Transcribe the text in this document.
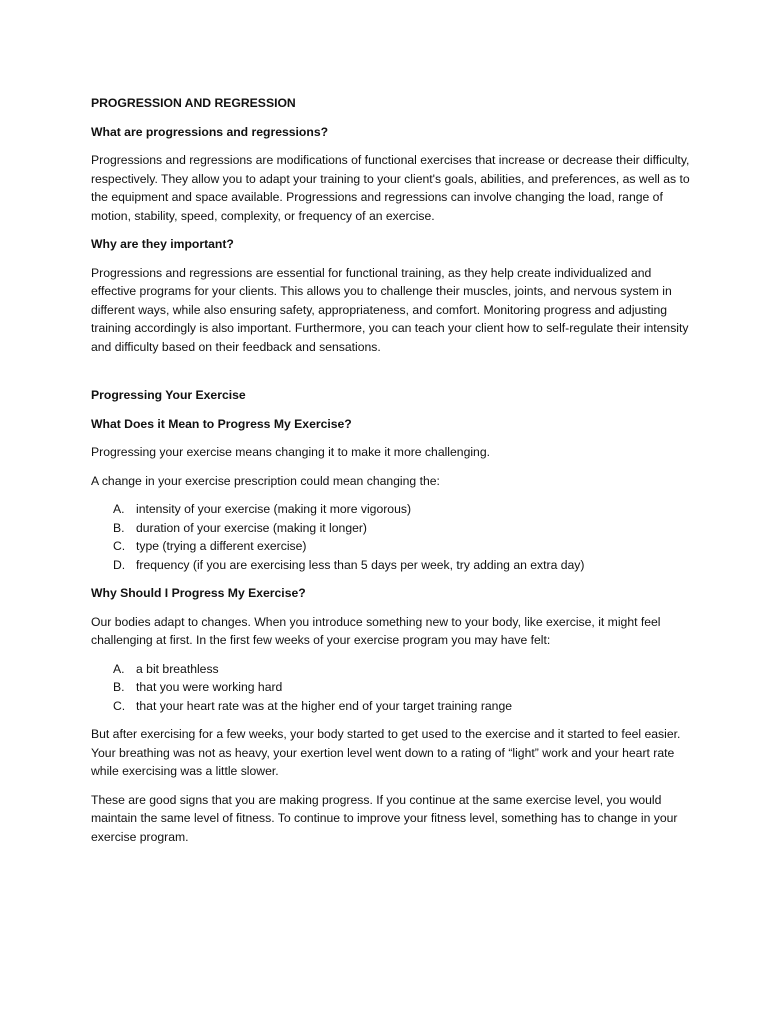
PROGRESSION AND REGRESSION
What are progressions and regressions?
Progressions and regressions are modifications of functional exercises that increase or decrease their difficulty, respectively. They allow you to adapt your training to your client's goals, abilities, and preferences, as well as to the equipment and space available. Progressions and regressions can involve changing the load, range of motion, stability, speed, complexity, or frequency of an exercise.
Why are they important?
Progressions and regressions are essential for functional training, as they help create individualized and effective programs for your clients. This allows you to challenge their muscles, joints, and nervous system in different ways, while also ensuring safety, appropriateness, and comfort. Monitoring progress and adjusting training accordingly is also important. Furthermore, you can teach your client how to self-regulate their intensity and difficulty based on their feedback and sensations.
Progressing Your Exercise
What Does it Mean to Progress My Exercise?
Progressing your exercise means changing it to make it more challenging.
A change in your exercise prescription could mean changing the:
A. intensity of your exercise (making it more vigorous)
B. duration of your exercise (making it longer)
C. type (trying a different exercise)
D. frequency (if you are exercising less than 5 days per week, try adding an extra day)
Why Should I Progress My Exercise?
Our bodies adapt to changes. When you introduce something new to your body, like exercise, it might feel challenging at first. In the first few weeks of your exercise program you may have felt:
A. a bit breathless
B. that you were working hard
C. that your heart rate was at the higher end of your target training range
But after exercising for a few weeks, your body started to get used to the exercise and it started to feel easier. Your breathing was not as heavy, your exertion level went down to a rating of “light” work and your heart rate while exercising was a little slower.
These are good signs that you are making progress. If you continue at the same exercise level, you would maintain the same level of fitness. To continue to improve your fitness level, something has to change in your exercise program.
